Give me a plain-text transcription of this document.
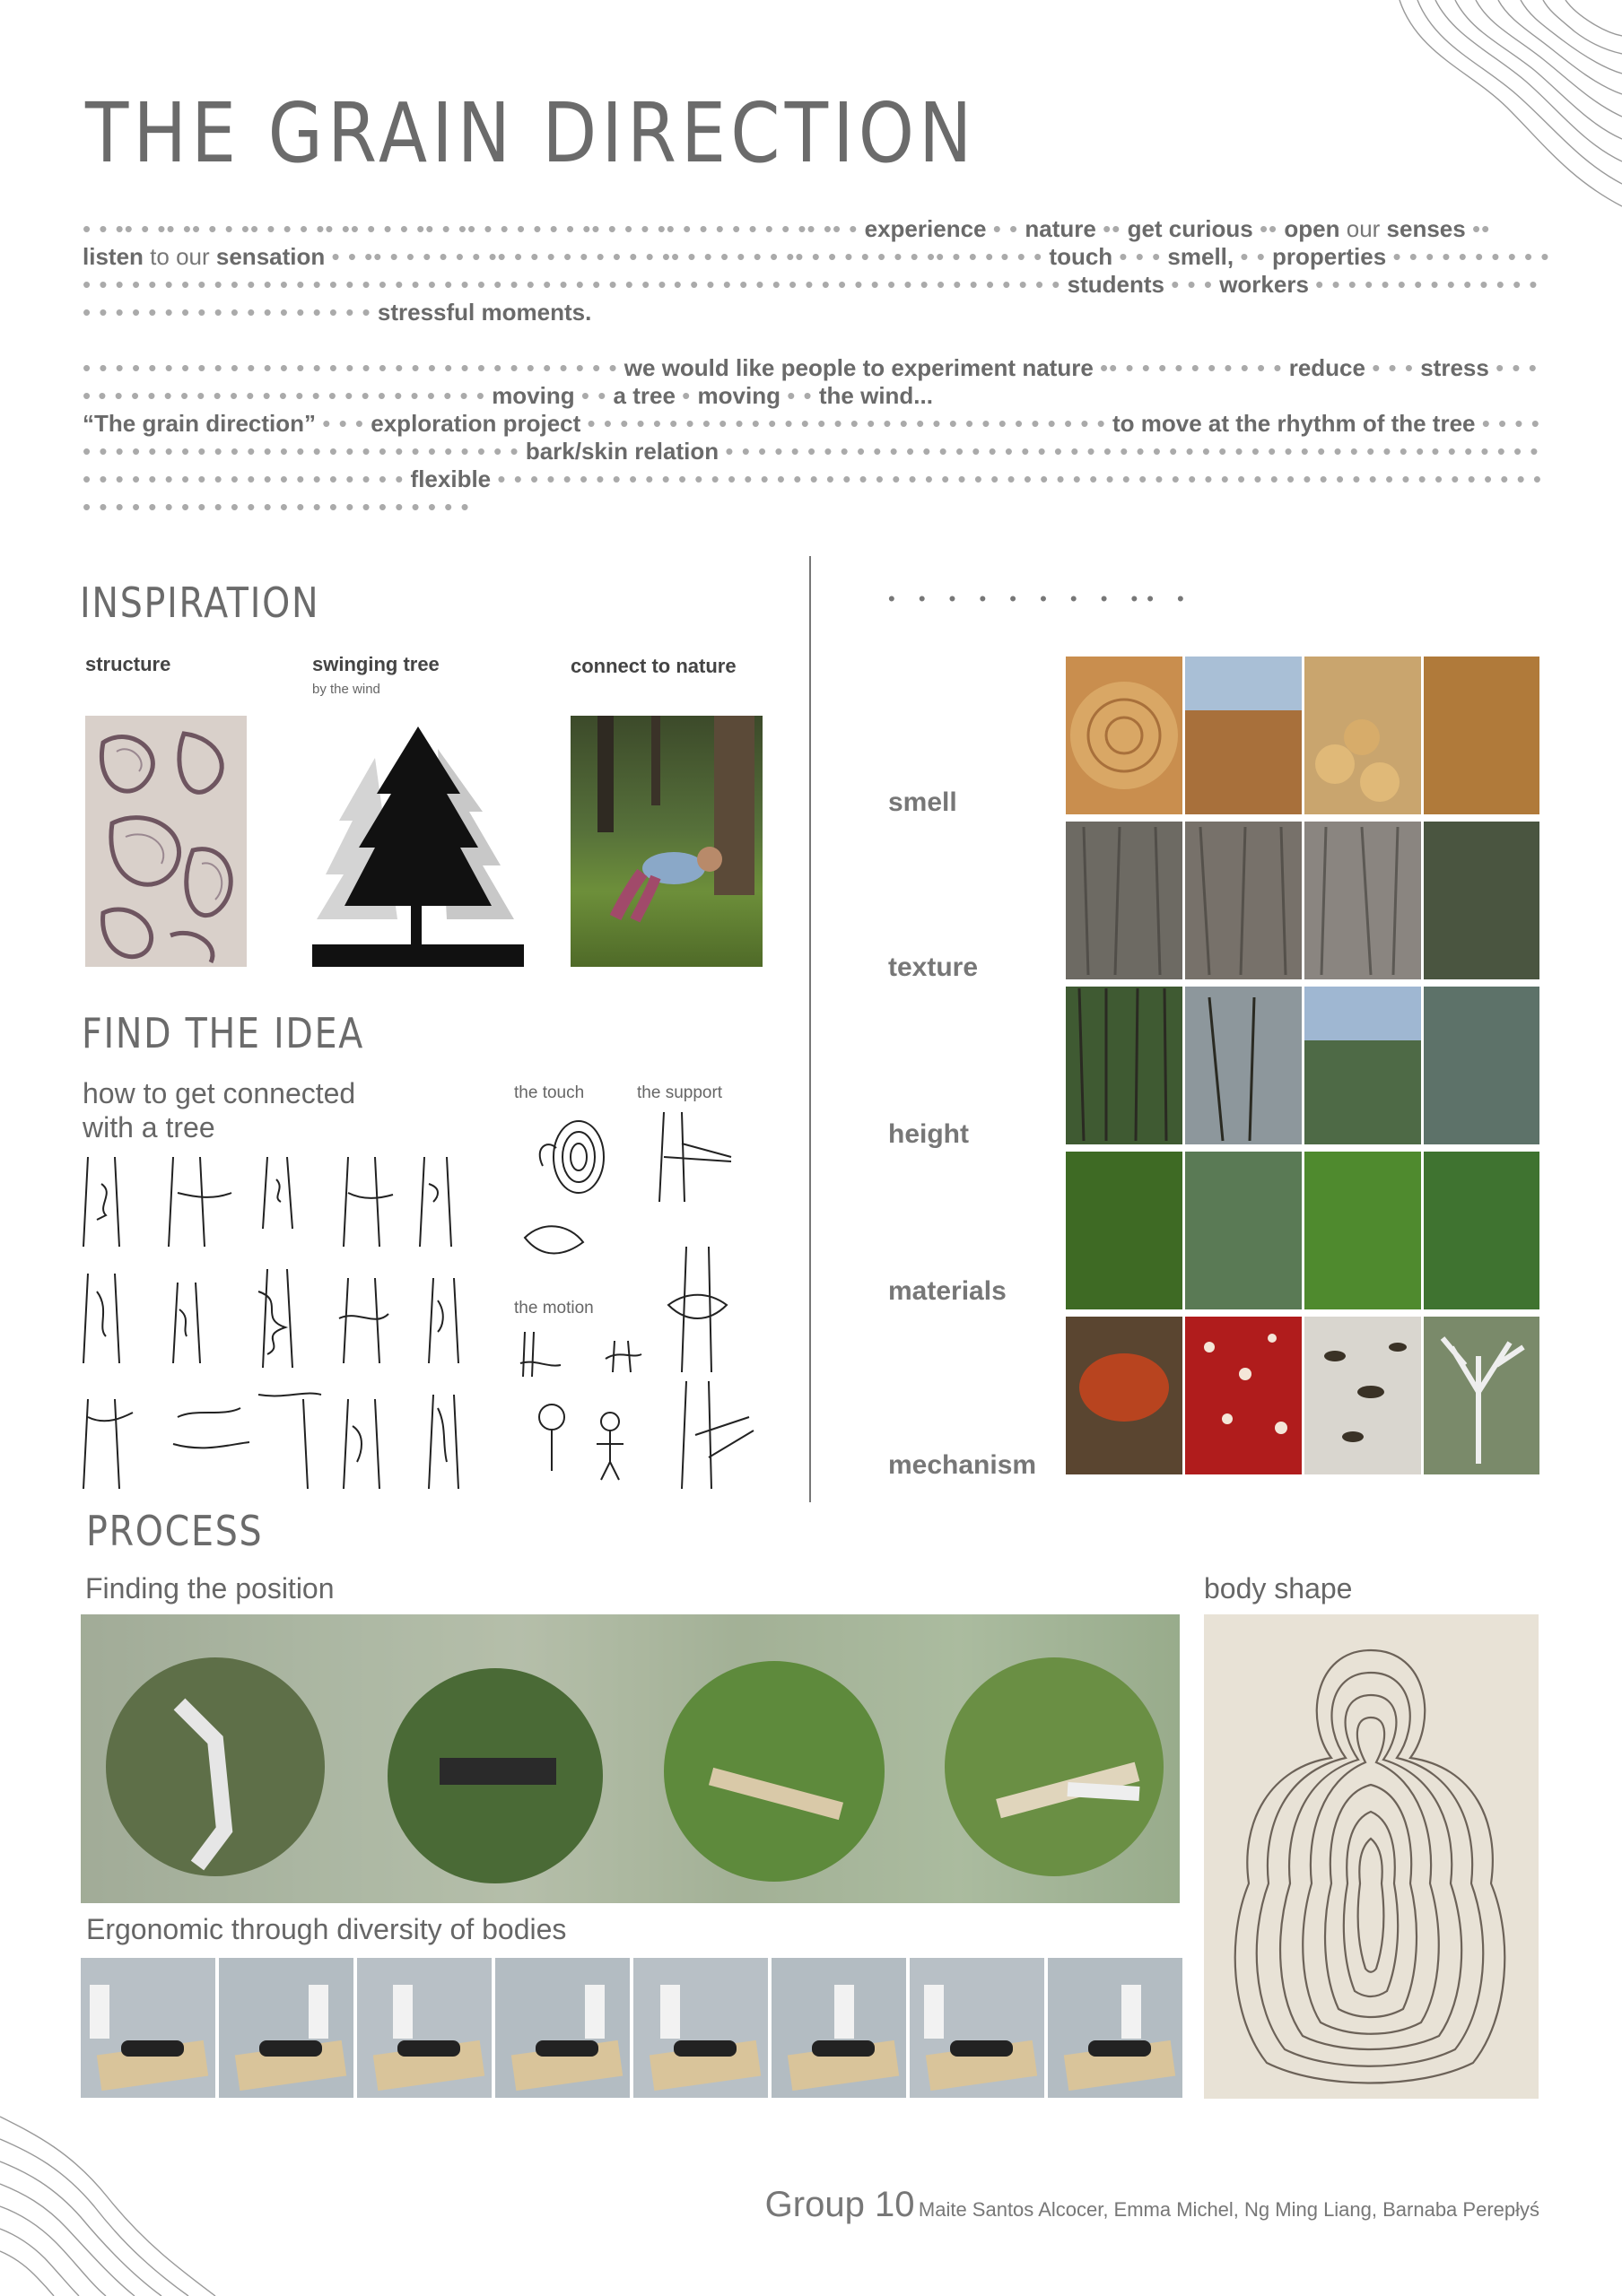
THE GRAIN DIRECTION

• • •• • •• •• • • •• • • • •• •• • • • •• • •• • • • • • • •• • • • •• • • • • • • • •• •• • experience • • nature •• get curious •• open our senses •• listen to our sensation • • •• • • • • • • •• • • • • • • • • • •• • • • • • • •• • • • • • • • •• • • • • • • touch • • • smell, • • properties • • • • • • • • • • • • • • • • • • • • • • • • • • • • • • • • • • • • • • • • • • • • • • • • • • • • • • • • • • • • • • • • • • • • • • students • • • workers • • • • • • • • • • • • • • • • • • • • • • • • • • • • • • • • stressful moments.

• • • • • • • • • • • • • • • • • • • • • • • • • • • • • • • • • we would like people to experiment nature •• • • • • • • • • • • reduce • • • stress • • • • • • • • • • • • • • • • • • • • • • • • • • • • moving • • a tree • moving • • the wind...
“The grain direction” • • • exploration project • • • • • • • • • • • • • • • • • • • • • • • • • • • • • • • • to move at the rhythm of the tree • • • • • • • • • • • • • • • • • • • • • • • • • • • • • • • bark/skin relation • • • • • • • • • • • • • • • • • • • • • • • • • • • • • • • • • • • • • • • • • • • • • • • • • • • • • • • • • • • • • • • • • • • • • • flexible • • • • • • • • • • • • • • • • • • • • • • • • • • • • • • • • • • • • • • • • • • • • • • • • • • • • • • • • • • • • • • • • • • • • • • • • • • • • • • • • • • • • • • • •

INSPIRATION
structure	swinging tree
by the wind
connect to nature
FIND THE IDEA
how to get connected
with a tree
the touch	the support
the motion
• • • • • • • • •• •
smell
texture
height
materials
mechanism
PROCESS
Finding the position	body shape
Ergonomic through diversity of bodies
Group 10 Maite Santos Alcocer, Emma Michel, Ng Ming Liang, Barnaba Perepłyś
